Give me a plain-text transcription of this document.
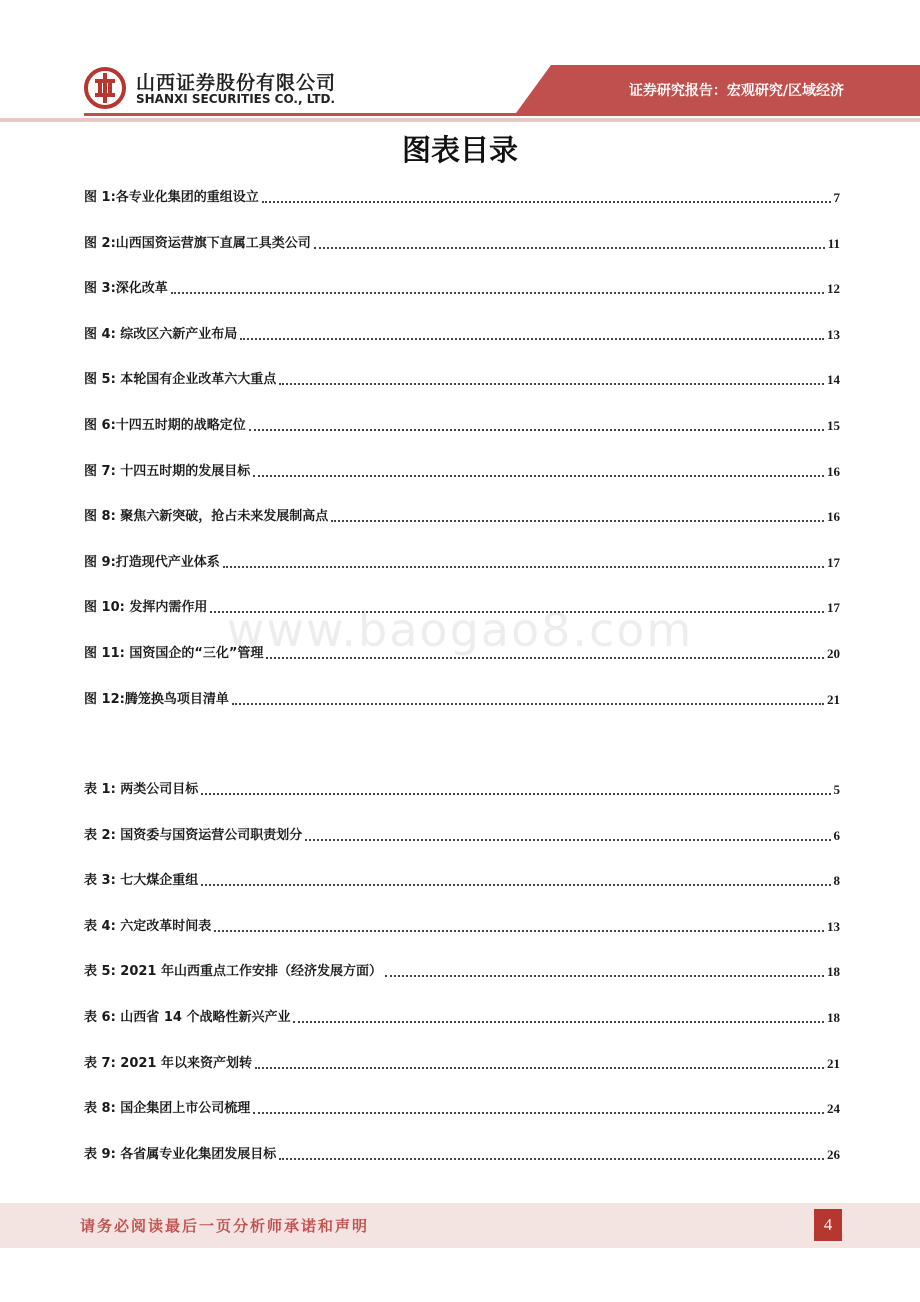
山西证券股份有限公司
SHANXI SECURITIES CO., LTD.	证券研究报告：宏观研究/区域经济
图表目录
www.baogao8.com
图 1:各专业化集团的重组设立	7
图 2:山西国资运营旗下直属工具类公司	11
图 3:深化改革	12
图 4: 综改区六新产业布局	13
图 5: 本轮国有企业改革六大重点	14
图 6:十四五时期的战略定位	15
图 7: 十四五时期的发展目标	16
图 8: 聚焦六新突破，抢占未来发展制高点	16
图 9:打造现代产业体系	17
图 10: 发挥内需作用	17
图 11: 国资国企的“三化”管理	20
图 12:腾笼换鸟项目清单	21
表 1: 两类公司目标	5
表 2: 国资委与国资运营公司职责划分	6
表 3: 七大煤企重组	8
表 4: 六定改革时间表	13
表 5: 2021 年山西重点工作安排（经济发展方面）	18
表 6: 山西省 14 个战略性新兴产业	18
表 7: 2021 年以来资产划转	21
表 8: 国企集团上市公司梳理	24
表 9: 各省属专业化集团发展目标	26
请务必阅读最后一页分析师承诺和声明	4
